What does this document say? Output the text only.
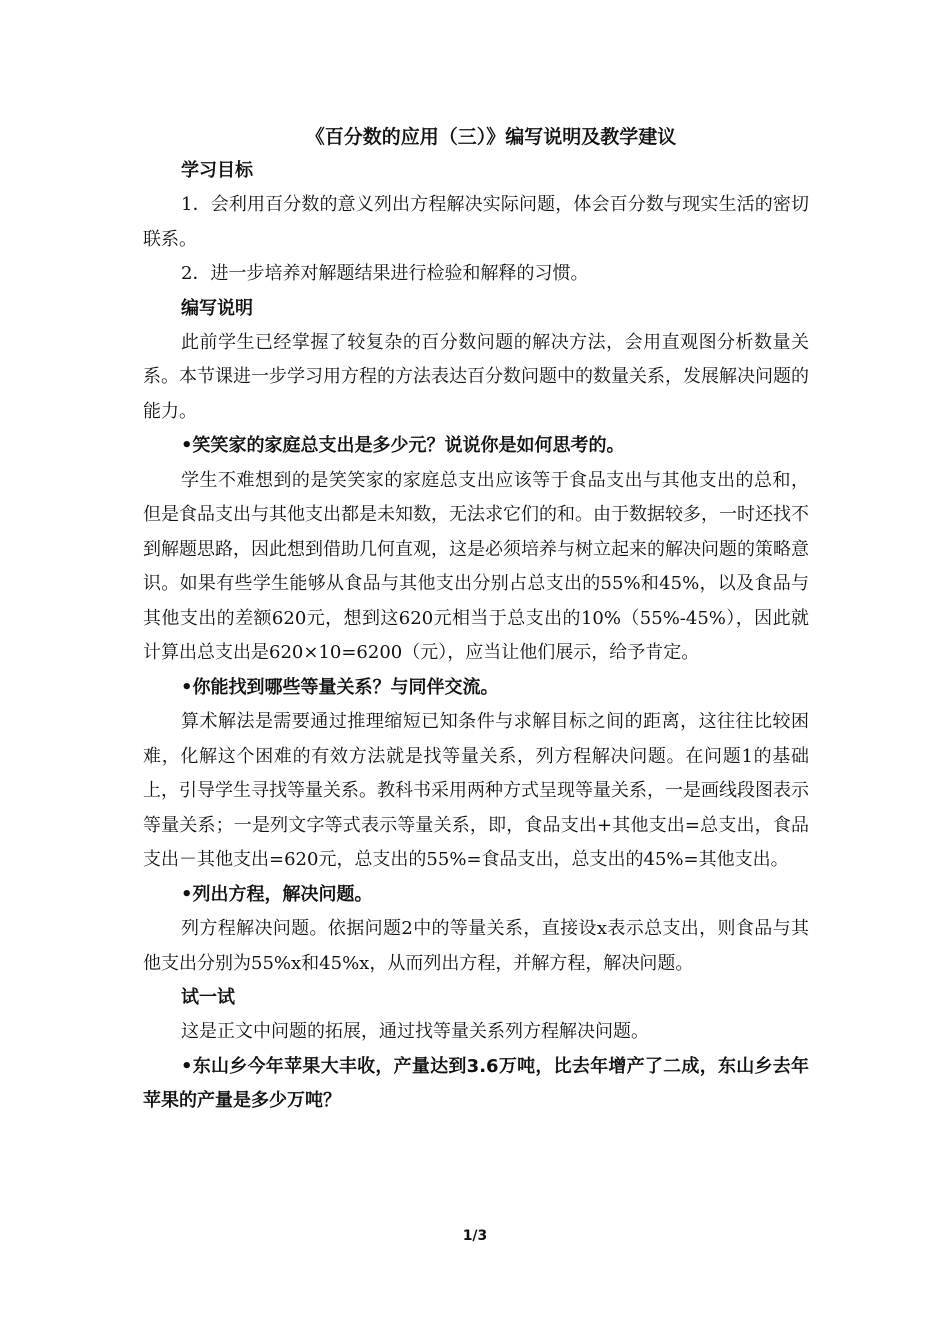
《百分数的应用（三）》编写说明及教学建议

学习目标

1．会利用百分数的意义列出方程解决实际问题，体会百分数与现实生活的密切联系。

2．进一步培养对解题结果进行检验和解释的习惯。

编写说明

此前学生已经掌握了较复杂的百分数问题的解决方法，会用直观图分析数量关系。本节课进一步学习用方程的方法表达百分数问题中的数量关系，发展解决问题的能力。

•笑笑家的家庭总支出是多少元？说说你是如何思考的。

学生不难想到的是笑笑家的家庭总支出应该等于食品支出与其他支出的总和，但是食品支出与其他支出都是未知数，无法求它们的和。由于数据较多，一时还找不到解题思路，因此想到借助几何直观，这是必须培养与树立起来的解决问题的策略意识。如果有些学生能够从食品与其他支出分别占总支出的55%和45%，以及食品与其他支出的差额620元，想到这620元相当于总支出的10%（55%-45%），因此就计算出总支出是620×10=6200（元），应当让他们展示，给予肯定。

•你能找到哪些等量关系？与同伴交流。

算术解法是需要通过推理缩短已知条件与求解目标之间的距离，这往往比较困难，化解这个困难的有效方法就是找等量关系，列方程解决问题。在问题1的基础上，引导学生寻找等量关系。教科书采用两种方式呈现等量关系，一是画线段图表示等量关系；一是列文字等式表示等量关系，即，食品支出+其他支出=总支出，食品支出－其他支出=620元，总支出的55%=食品支出，总支出的45%=其他支出。

•列出方程，解决问题。

列方程解决问题。依据问题2中的等量关系，直接设x表示总支出，则食品与其他支出分别为55%x和45%x，从而列出方程，并解方程，解决问题。

试一试

这是正文中问题的拓展，通过找等量关系列方程解决问题。

•东山乡今年苹果大丰收，产量达到3.6万吨，比去年增产了二成，东山乡去年苹果的产量是多少万吨？

1/3
